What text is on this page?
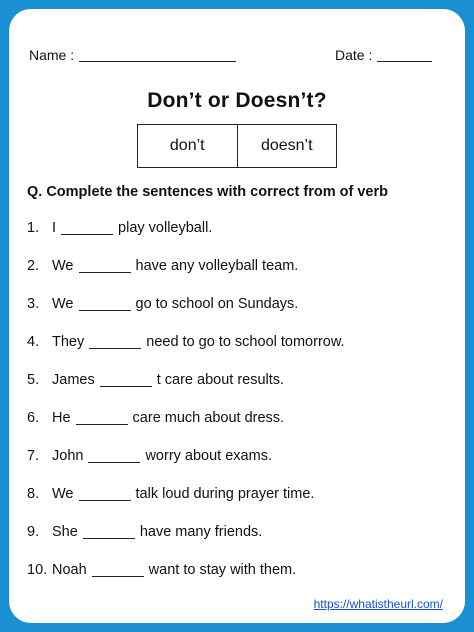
Name :	Date :
Don’t or Doesn’t?
don’t	doesn’t
Q. Complete the sentences with correct from of verb
1. I	play volleyball.
2. We	have any volleyball team.
3. We	go to school on Sundays.
4. They	need to go to school tomorrow.
5. James	t care about results.
6. He	care much about dress.
7. John	worry about exams.
8. We	talk loud during prayer time.
9. She	have many friends.
10. Noah	want to stay with them.
https://whatistheurl.com/
